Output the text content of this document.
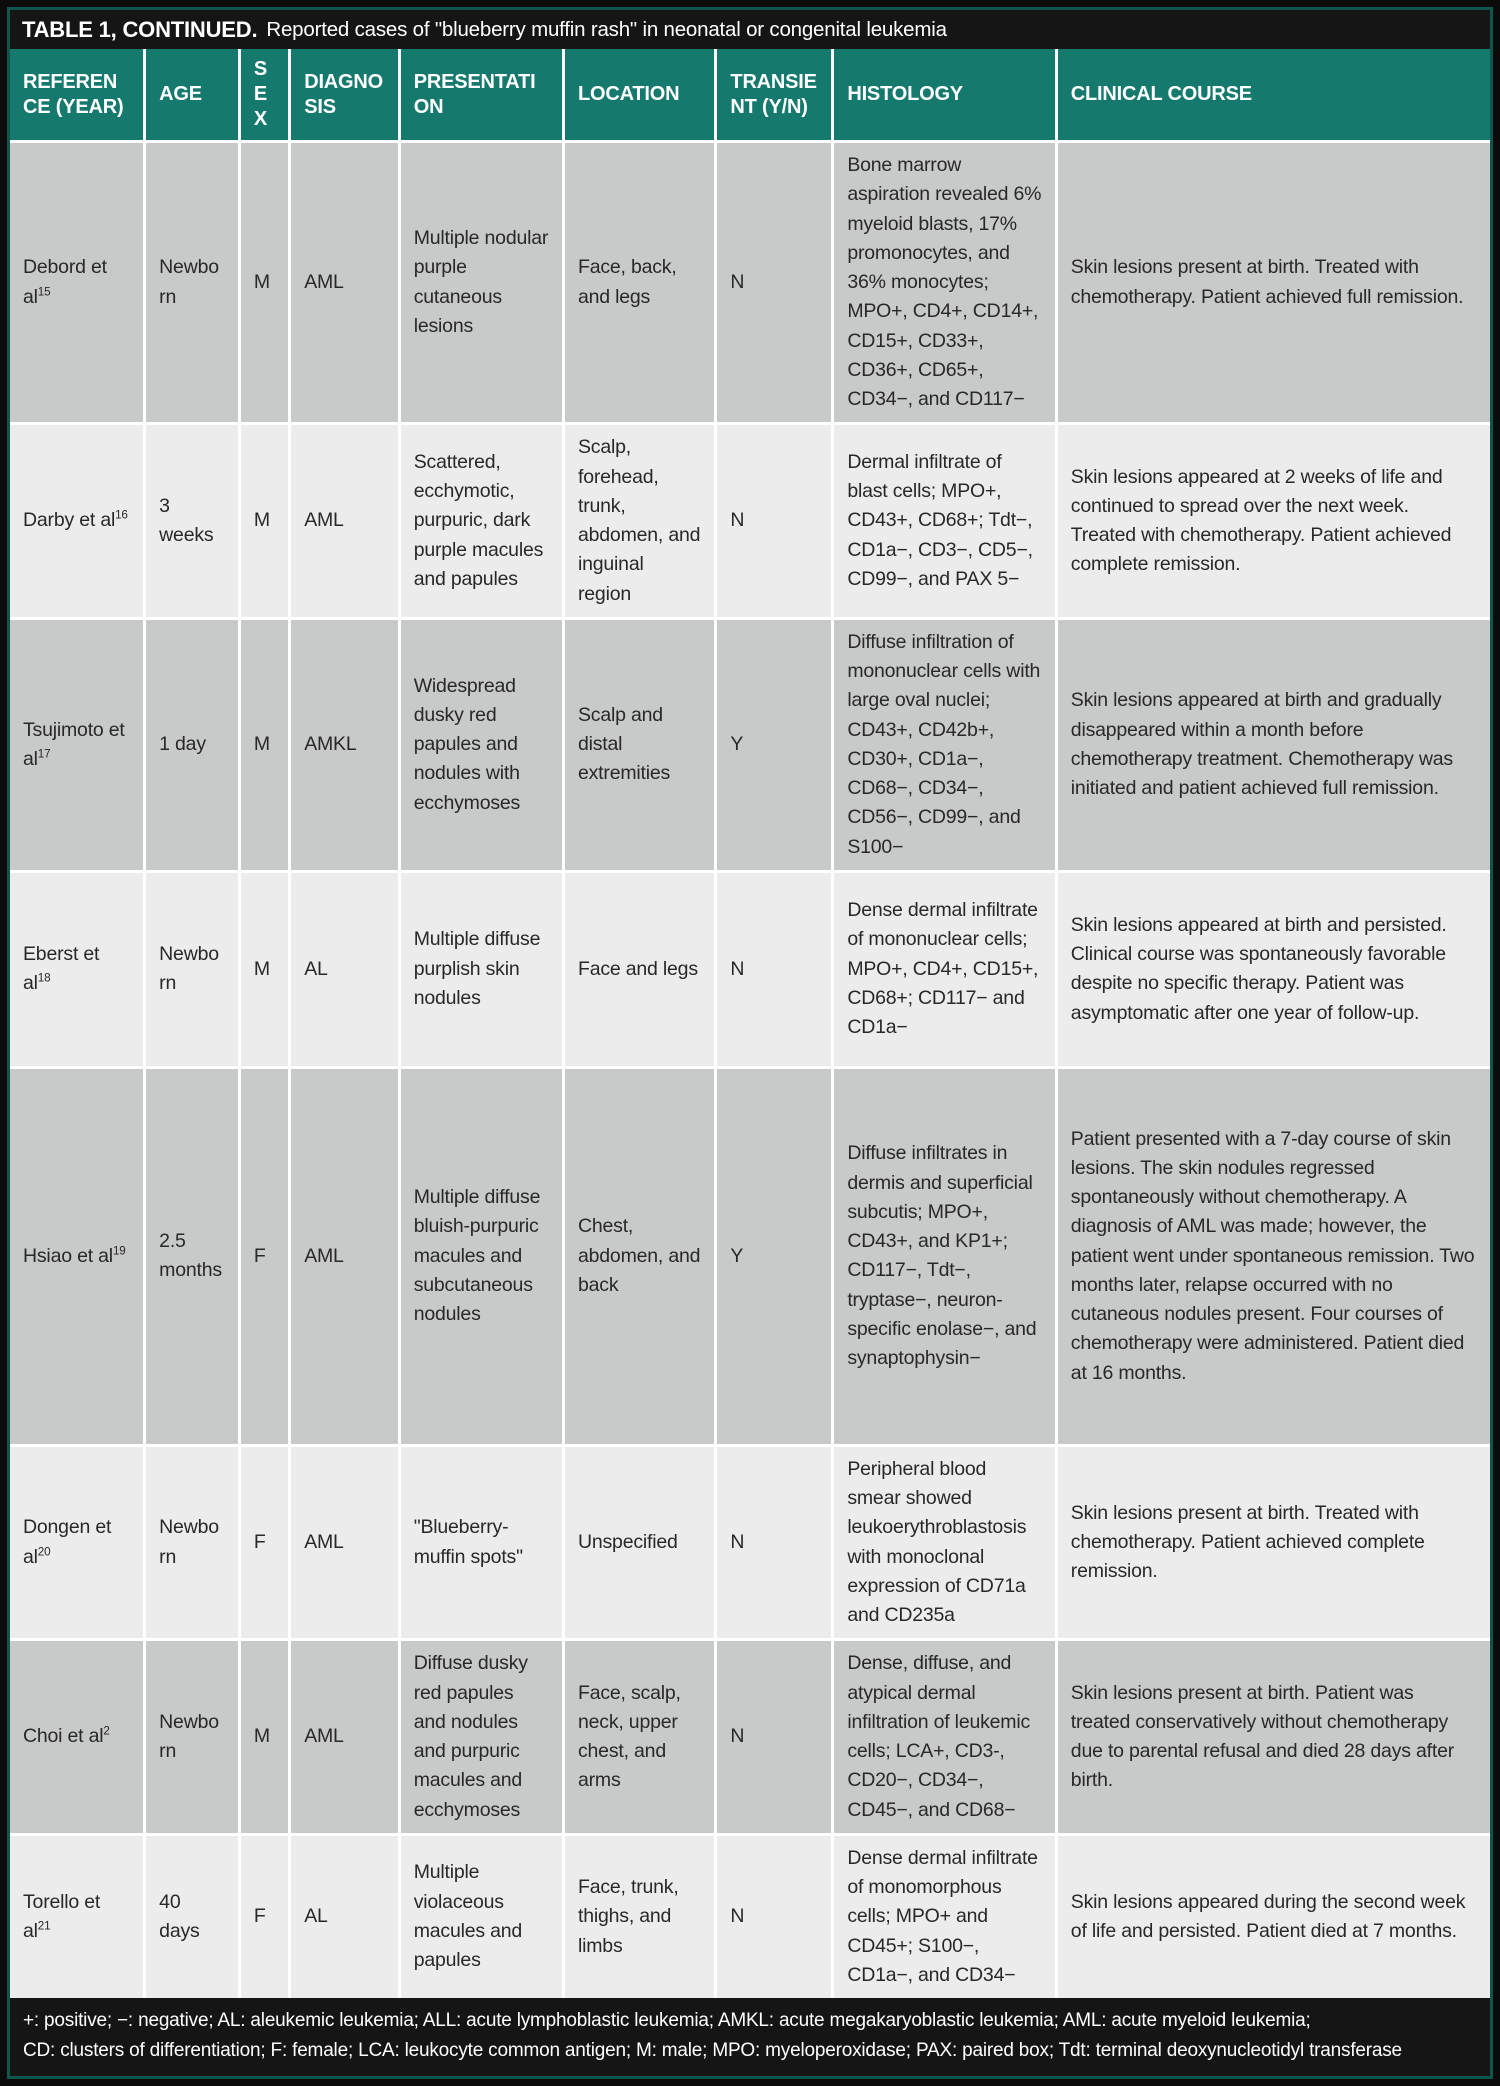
TABLE 1, CONTINUED. Reported cases of "blueberry muffin rash" in neonatal or congenital leukemia
REFERENCE (YEAR)	AGE	SEX	DIAGNOSIS	PRESENTATION	LOCATION	TRANSIENT (Y/N)	HISTOLOGY	CLINICAL COURSE
Debord et $al^{15}$	Newborn	M	AML	Multiple nodular purple cutaneous lesions	Face, back, and legs	N	Bone marrow aspiration revealed 6% myeloid blasts, 17% promonocytes, and 36% monocytes; MPO+, CD4+, CD14+, CD15+, CD33+, CD36+, CD65+, CD34−, and CD117−	Skin lesions present at birth. Treated with chemotherapy. Patient achieved full remission.
Darby et $al^{16}$	3 weeks	M	AML	Scattered, ecchymotic, purpuric, dark purple macules and papules	Scalp, forehead, trunk, abdomen, and inguinal region	N	Dermal infiltrate of blast cells; MPO+, CD43+, CD68+; Tdt−, CD1a−, CD3−, CD5−, CD99−, and PAX 5−	Skin lesions appeared at 2 weeks of life and continued to spread over the next week. Treated with chemotherapy. Patient achieved complete remission.
Tsujimoto et $al^{17}$	1 day	M	AMKL	Widespread dusky red papules and nodules with ecchymoses	Scalp and distal extremities	Y	Diffuse infiltration of mononuclear cells with large oval nuclei; CD43+, CD42b+, CD30+, CD1a−, CD68−, CD34−, CD56−, CD99−, and S100−	Skin lesions appeared at birth and gradually disappeared within a month before chemotherapy treatment. Chemotherapy was initiated and patient achieved full remission.
Eberst et $al^{18}$	Newborn	M	AL	Multiple diffuse purplish skin nodules	Face and legs	N	Dense dermal infiltrate of mononuclear cells; MPO+, CD4+, CD15+, CD68+; CD117− and CD1a−	Skin lesions appeared at birth and persisted. Clinical course was spontaneously favorable despite no specific therapy. Patient was asymptomatic after one year of follow-up.
Hsiao et $al^{19}$	2.5 months	F	AML	Multiple diffuse bluish-purpuric macules and subcutaneous nodules	Chest, abdomen, and back	Y	Diffuse infiltrates in dermis and superficial subcutis; MPO+, CD43+, and KP1+; CD117−, Tdt−, tryptase−, neuron-specific enolase−, and synaptophysin−	Patient presented with a 7-day course of skin lesions. The skin nodules regressed spontaneously without chemotherapy. A diagnosis of AML was made; however, the patient went under spontaneous remission. Two months later, relapse occurred with no cutaneous nodules present. Four courses of chemotherapy were administered. Patient died at 16 months.
Dongen et $al^{20}$	Newborn	F	AML	"Blueberry-muffin spots"	Unspecified	N	Peripheral blood smear showed leukoerythroblastosis with monoclonal expression of CD71a and CD235a	Skin lesions present at birth. Treated with chemotherapy. Patient achieved complete remission.
Choi et $al^2$	Newborn	M	AML	Diffuse dusky red papules and nodules and purpuric macules and ecchymoses	Face, scalp, neck, upper chest, and arms	N	Dense, diffuse, and atypical dermal infiltration of leukemic cells; LCA+, CD3-, CD20−, CD34−, CD45−, and CD68−	Skin lesions present at birth. Patient was treated conservatively without chemotherapy due to parental refusal and died 28 days after birth.
Torello et $al^{21}$	40 days	F	AL	Multiple violaceous macules and papules	Face, trunk, thighs, and limbs	N	Dense dermal infiltrate of monomorphous cells; MPO+ and CD45+; S100−, CD1a−, and CD34−	Skin lesions appeared during the second week of life and persisted. Patient died at 7 months.
+: positive; −: negative; AL: aleukemic leukemia; ALL: acute lymphoblastic leukemia; AMKL: acute megakaryoblastic leukemia; AML: acute myeloid leukemia;
CD: clusters of differentiation; F: female; LCA: leukocyte common antigen; M: male; MPO: myeloperoxidase; PAX: paired box; Tdt: terminal deoxynucleotidyl transferase
